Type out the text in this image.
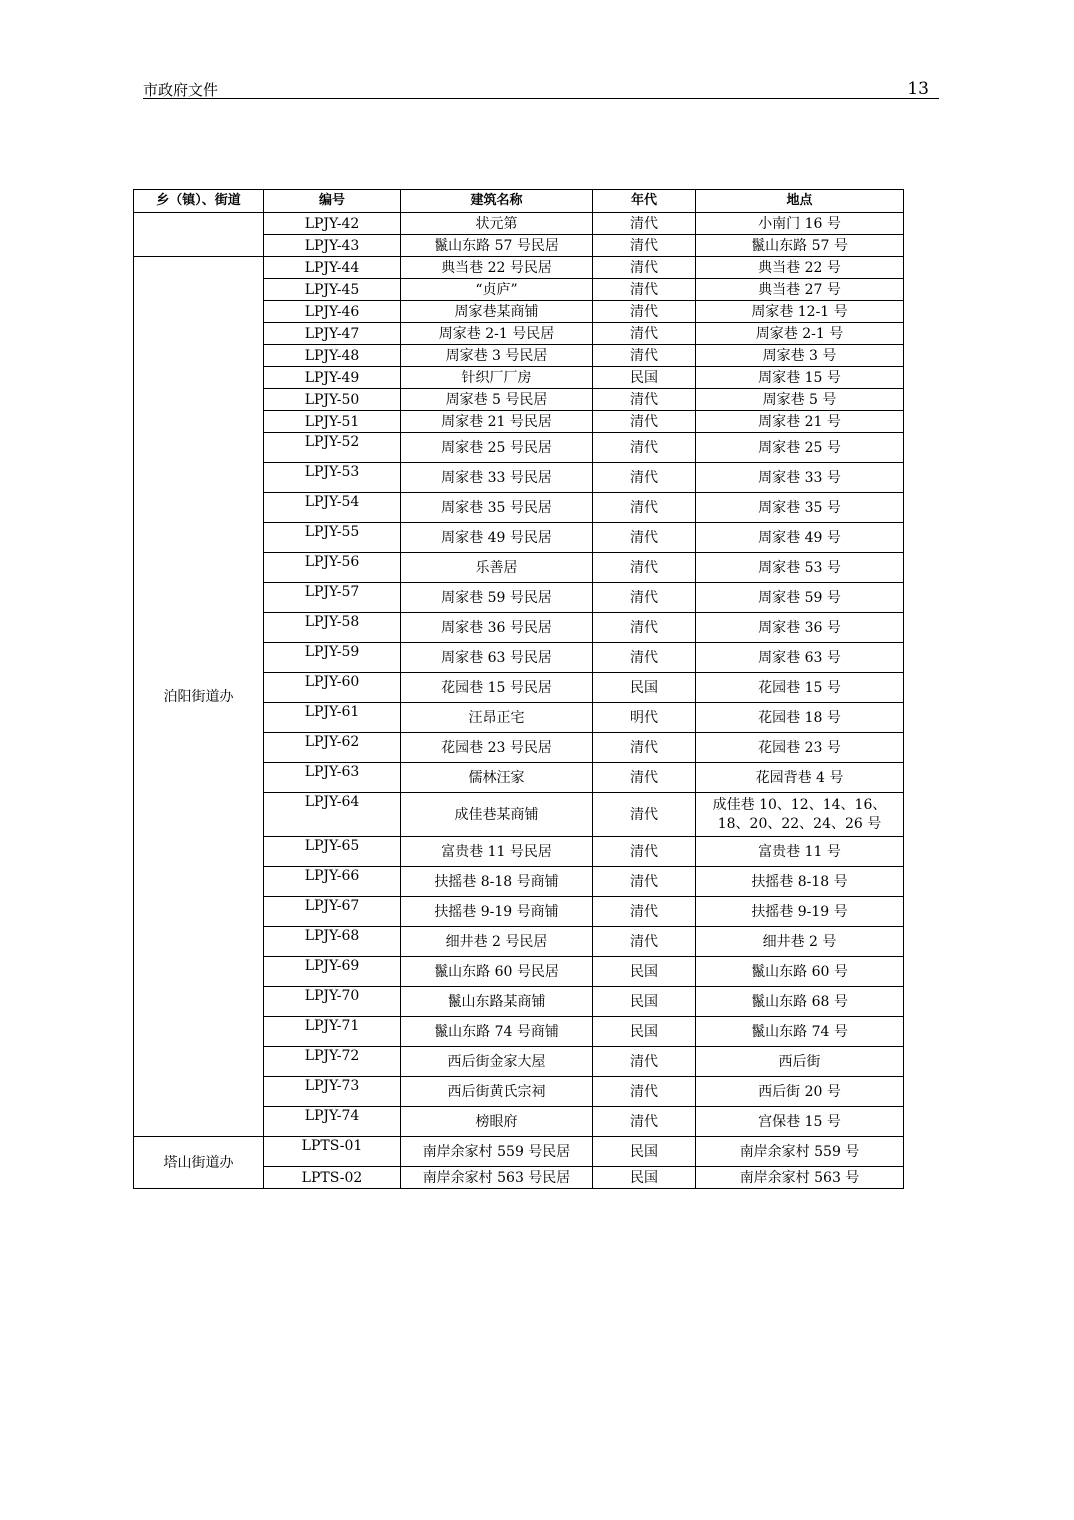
市政府文件	13
乡（镇）、街道	编号	建筑名称	年代	地点
	LPJY-42	状元第	清代	小南门 16 号
	LPJY-43	鬣山东路 57 号民居	清代	鬣山东路 57 号
泊阳街道办	LPJY-44	典当巷 22 号民居	清代	典当巷 22 号
	LPJY-45	“贞庐”	清代	典当巷 27 号
	LPJY-46	周家巷某商铺	清代	周家巷 12-1 号
	LPJY-47	周家巷 2-1 号民居	清代	周家巷 2-1 号
	LPJY-48	周家巷 3 号民居	清代	周家巷 3 号
	LPJY-49	针织厂厂房	民国	周家巷 15 号
	LPJY-50	周家巷 5 号民居	清代	周家巷 5 号
	LPJY-51	周家巷 21 号民居	清代	周家巷 21 号
	LPJY-52	周家巷 25 号民居	清代	周家巷 25 号
	LPJY-53	周家巷 33 号民居	清代	周家巷 33 号
	LPJY-54	周家巷 35 号民居	清代	周家巷 35 号
	LPJY-55	周家巷 49 号民居	清代	周家巷 49 号
	LPJY-56	乐善居	清代	周家巷 53 号
	LPJY-57	周家巷 59 号民居	清代	周家巷 59 号
	LPJY-58	周家巷 36 号民居	清代	周家巷 36 号
	LPJY-59	周家巷 63 号民居	清代	周家巷 63 号
	LPJY-60	花园巷 15 号民居	民国	花园巷 15 号
	LPJY-61	汪昂正宅	明代	花园巷 18 号
	LPJY-62	花园巷 23 号民居	清代	花园巷 23 号
	LPJY-63	儒林汪家	清代	花园背巷 4 号
	LPJY-64	成佳巷某商铺	清代	成佳巷 10、12、14、16、18、20、22、24、26 号
	LPJY-65	富贵巷 11 号民居	清代	富贵巷 11 号
	LPJY-66	扶摇巷 8-18 号商铺	清代	扶摇巷 8-18 号
	LPJY-67	扶摇巷 9-19 号商铺	清代	扶摇巷 9-19 号
	LPJY-68	细井巷 2 号民居	清代	细井巷 2 号
	LPJY-69	鬣山东路 60 号民居	民国	鬣山东路 60 号
	LPJY-70	鬣山东路某商铺	民国	鬣山东路 68 号
	LPJY-71	鬣山东路 74 号商铺	民国	鬣山东路 74 号
	LPJY-72	西后街金家大屋	清代	西后街
	LPJY-73	西后街黄氏宗祠	清代	西后街 20 号
	LPJY-74	榜眼府	清代	宫保巷 15 号
塔山街道办	LPTS-01	南岸余家村 559 号民居	民国	南岸余家村 559 号
	LPTS-02	南岸余家村 563 号民居	民国	南岸余家村 563 号
